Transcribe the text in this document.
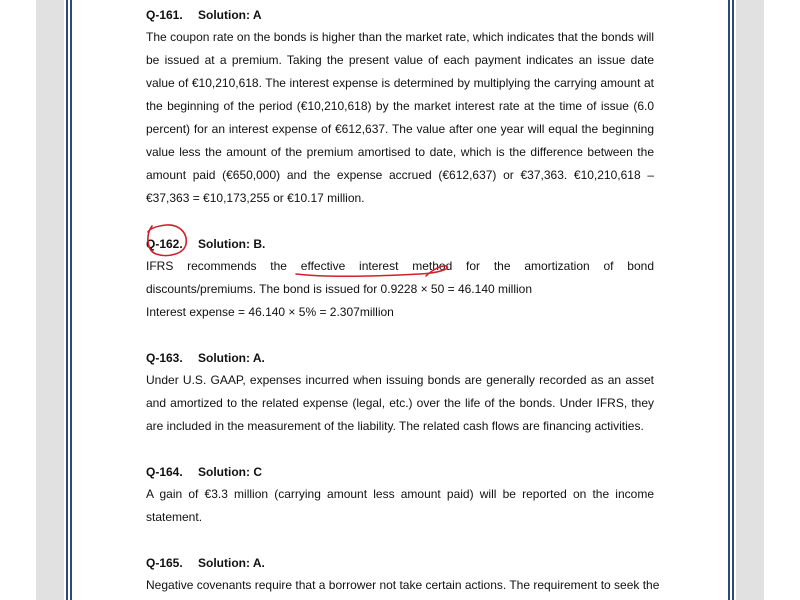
Q-161. Solution: A

The coupon rate on the bonds is higher than the market rate, which indicates that the bonds will be issued at a premium. Taking the present value of each payment indicates an issue date value of €10,210,618. The interest expense is determined by multiplying the carrying amount at the beginning of the period (€10,210,618) by the market interest rate at the time of issue (6.0 percent) for an interest expense of €612,637. The value after one year will equal the beginning value less the amount of the premium amortised to date, which is the difference between the amount paid (€650,000) and the expense accrued (€612,637) or €37,363. €10,210,618 – €37,363 = €10,173,255 or €10.17 million.

Q-162. Solution: B.

IFRS recommends the effective interest method for the amortization of bond discounts/premiums. The bond is issued for 0.9228 × 50 = 46.140 million

Interest expense = 46.140 × 5% = 2.307million
Q-163. Solution: A.

Under U.S. GAAP, expenses incurred when issuing bonds are generally recorded as an asset and amortized to the related expense (legal, etc.) over the life of the bonds. Under IFRS, they are included in the measurement of the liability. The related cash flows are financing activities.

Q-164. Solution: C

A gain of €3.3 million (carrying amount less amount paid) will be reported on the income statement.

Q-165. Solution: A.

Negative covenants require that a borrower not take certain actions. The requirement to seek the
